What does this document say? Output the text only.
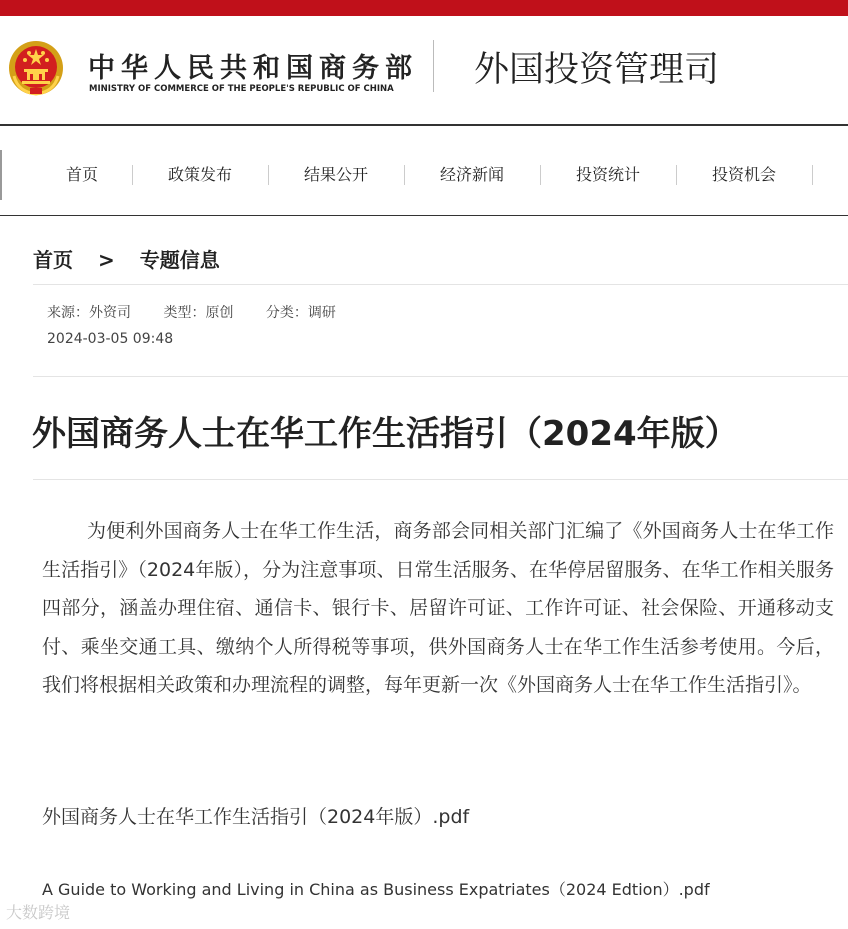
中华人民共和国商务部
MINISTRY OF COMMERCE OF THE PEOPLE'S REPUBLIC OF CHINA 外国投资管理司
首页	政策发布	结果公开	经济新闻	投资统计	投资机会
首页 > 专题信息
来源：外资司 类型：原创 分类：调研
2024-03-05 09:48
外国商务人士在华工作生活指引（2024年版）

为便利外国商务人士在华工作生活，商务部会同相关部门汇编了《外国商务人士在华工作生活指引》（2024年版），分为注意事项、日常生活服务、在华停居留服务、在华工作相关服务四部分，涵盖办理住宿、通信卡、银行卡、居留许可证、工作许可证、社会保险、开通移动支付、乘坐交通工具、缴纳个人所得税等事项，供外国商务人士在华工作生活参考使用。今后，我们将根据相关政策和办理流程的调整，每年更新一次《外国商务人士在华工作生活指引》。

外国商务人士在华工作生活指引（2024年版）.pdf
A Guide to Working and Living in China as Business Expatriates（2024 Edtion）.pdf
大数跨境
